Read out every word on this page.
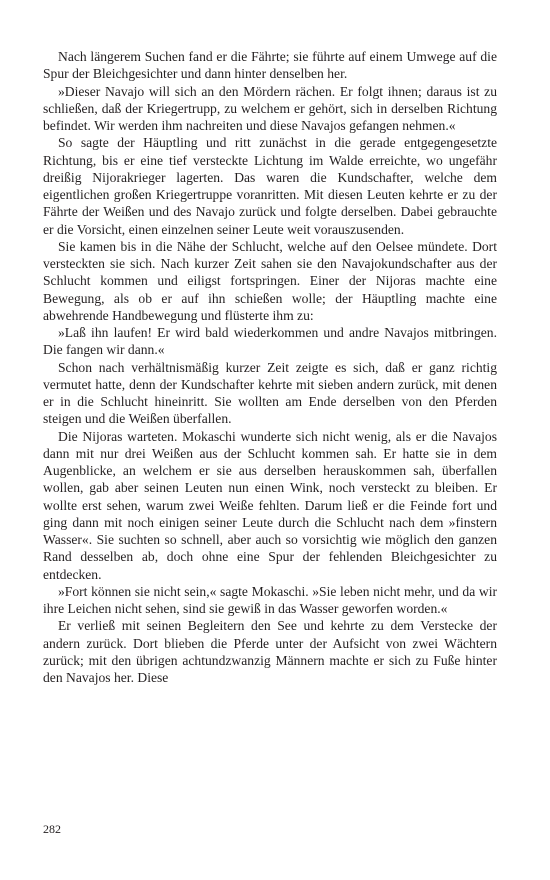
Nach längerem Suchen fand er die Fährte; sie führte auf einem Umwege auf die Spur der Bleichgesichter und dann hinter denselben her.

»Dieser Navajo will sich an den Mördern rächen. Er folgt ihnen; daraus ist zu schließen, daß der Kriegertrupp, zu welchem er gehört, sich in derselben Richtung befindet. Wir werden ihm nachreiten und diese Navajos gefangen nehmen.«

So sagte der Häuptling und ritt zunächst in die gerade entgegengesetzte Richtung, bis er eine tief versteckte Lichtung im Walde erreichte, wo ungefähr dreißig Nijorakrieger lagerten. Das waren die Kundschafter, welche dem eigentlichen großen Kriegertruppe voranritten. Mit diesen Leuten kehrte er zu der Fährte der Weißen und des Navajo zurück und folgte derselben. Dabei gebrauchte er die Vorsicht, einen einzelnen seiner Leute weit vorauszusenden.

Sie kamen bis in die Nähe der Schlucht, welche auf den Oelsee mündete. Dort versteckten sie sich. Nach kurzer Zeit sahen sie den Navajokundschafter aus der Schlucht kommen und eiligst fortspringen. Einer der Nijoras machte eine Bewegung, als ob er auf ihn schießen wolle; der Häuptling machte eine abwehrende Handbewegung und flüsterte ihm zu:

»Laß ihn laufen! Er wird bald wiederkommen und andre Navajos mitbringen. Die fangen wir dann.«

Schon nach verhältnismäßig kurzer Zeit zeigte es sich, daß er ganz richtig vermutet hatte, denn der Kundschafter kehrte mit sieben andern zurück, mit denen er in die Schlucht hineinritt. Sie wollten am Ende derselben von den Pferden steigen und die Weißen überfallen.

Die Nijoras warteten. Mokaschi wunderte sich nicht wenig, als er die Navajos dann mit nur drei Weißen aus der Schlucht kommen sah. Er hatte sie in dem Augenblicke, an welchem er sie aus derselben herauskommen sah, überfallen wollen, gab aber seinen Leuten nun einen Wink, noch versteckt zu bleiben. Er wollte erst sehen, warum zwei Weiße fehlten. Darum ließ er die Feinde fort und ging dann mit noch einigen seiner Leute durch die Schlucht nach dem »finstern Wasser«. Sie suchten so schnell, aber auch so vorsichtig wie möglich den ganzen Rand desselben ab, doch ohne eine Spur der fehlenden Bleichgesichter zu entdecken.

»Fort können sie nicht sein,« sagte Mokaschi. »Sie leben nicht mehr, und da wir ihre Leichen nicht sehen, sind sie gewiß in das Wasser geworfen worden.«

Er verließ mit seinen Begleitern den See und kehrte zu dem Verstecke der andern zurück. Dort blieben die Pferde unter der Aufsicht von zwei Wächtern zurück; mit den übrigen achtundzwanzig Männern machte er sich zu Fuße hinter den Navajos her. Diese

282
